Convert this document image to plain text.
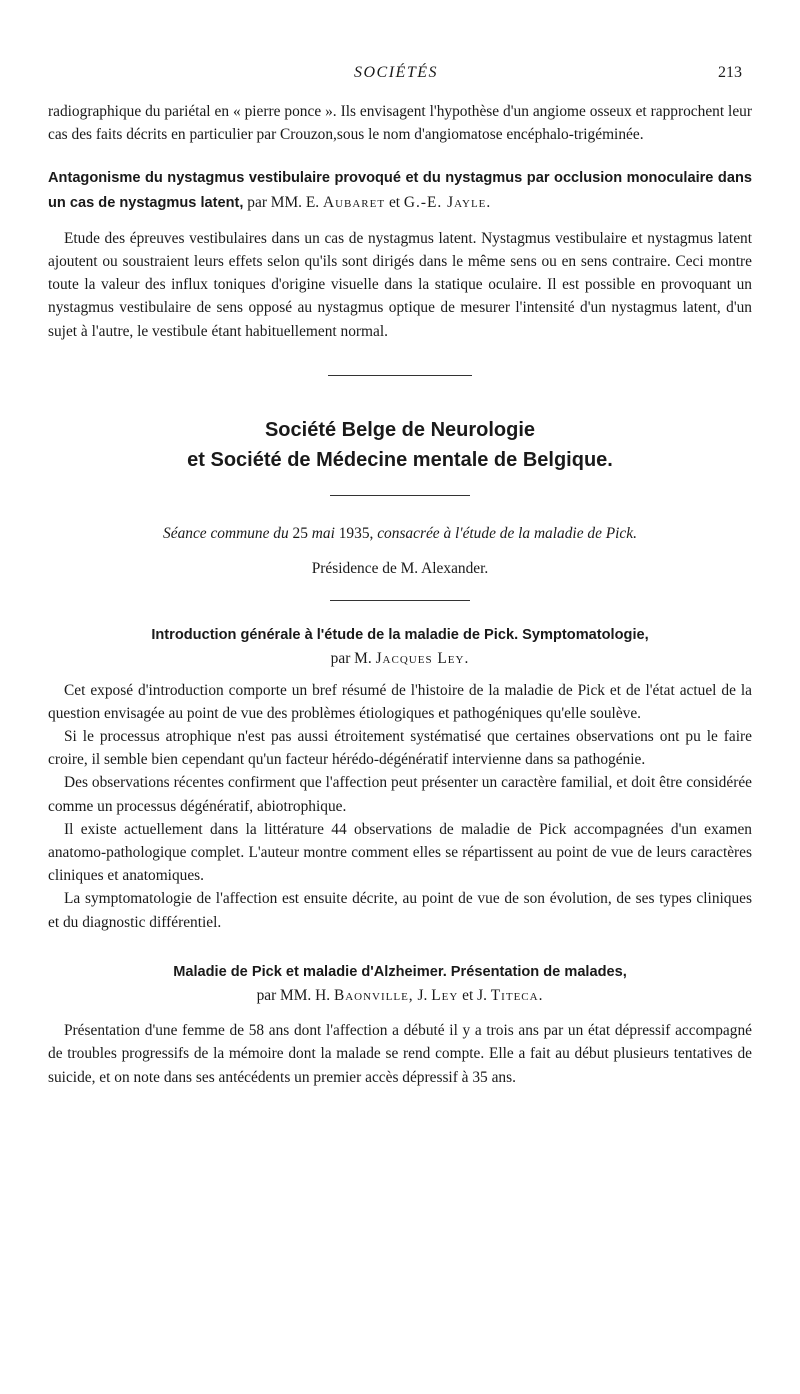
SOCIÉTÉS	213

radiographique du pariétal en « pierre ponce ». Ils envisagent l'hypothèse d'un angiome osseux et rapprochent leur cas des faits décrits en particulier par Crouzon,sous le nom d'angiomatose encéphalo-trigéminée.

Antagonisme du nystagmus vestibulaire provoqué et du nystagmus par occlusion monoculaire dans un cas de nystagmus latent, par MM. E. Aubaret et G.-E. Jayle.

Etude des épreuves vestibulaires dans un cas de nystagmus latent. Nystagmus vestibulaire et nystagmus latent ajoutent ou soustraient leurs effets selon qu'ils sont dirigés dans le même sens ou en sens contraire. Ceci montre toute la valeur des influx toniques d'origine visuelle dans la statique oculaire. Il est possible en provoquant un nystagmus vestibulaire de sens opposé au nystagmus optique de mesurer l'intensité d'un nystagmus latent, d'un sujet à l'autre, le vestibule étant habituellement normal.

Société Belge de Neurologie
et Société de Médecine mentale de Belgique.

Séance commune du 25 mai 1935, consacrée à l'étude de la maladie de Pick.

Présidence de M. Alexander.

Introduction générale à l'étude de la maladie de Pick. Symptomatologie,

par M. Jacques Ley.

Cet exposé d'introduction comporte un bref résumé de l'histoire de la maladie de Pick et de l'état actuel de la question envisagée au point de vue des problèmes étiologiques et pathogéniques qu'elle soulève.

Si le processus atrophique n'est pas aussi étroitement systématisé que certaines observations ont pu le faire croire, il semble bien cependant qu'un facteur hérédo-dégénératif intervienne dans sa pathogénie.

Des observations récentes confirment que l'affection peut présenter un caractère familial, et doit être considérée comme un processus dégénératif, abiotrophique.

Il existe actuellement dans la littérature 44 observations de maladie de Pick accompagnées d'un examen anatomo-pathologique complet. L'auteur montre comment elles se répartissent au point de vue de leurs caractères cliniques et anatomiques.

La symptomatologie de l'affection est ensuite décrite, au point de vue de son évolution, de ses types cliniques et du diagnostic différentiel.

Maladie de Pick et maladie d'Alzheimer. Présentation de malades,

par MM. H. Baonville, J. Ley et J. Titeca.

Présentation d'une femme de 58 ans dont l'affection a débuté il y a trois ans par un état dépressif accompagné de troubles progressifs de la mémoire dont la malade se rend compte. Elle a fait au début plusieurs tentatives de suicide, et on note dans ses antécédents un premier accès dépressif à 35 ans.
